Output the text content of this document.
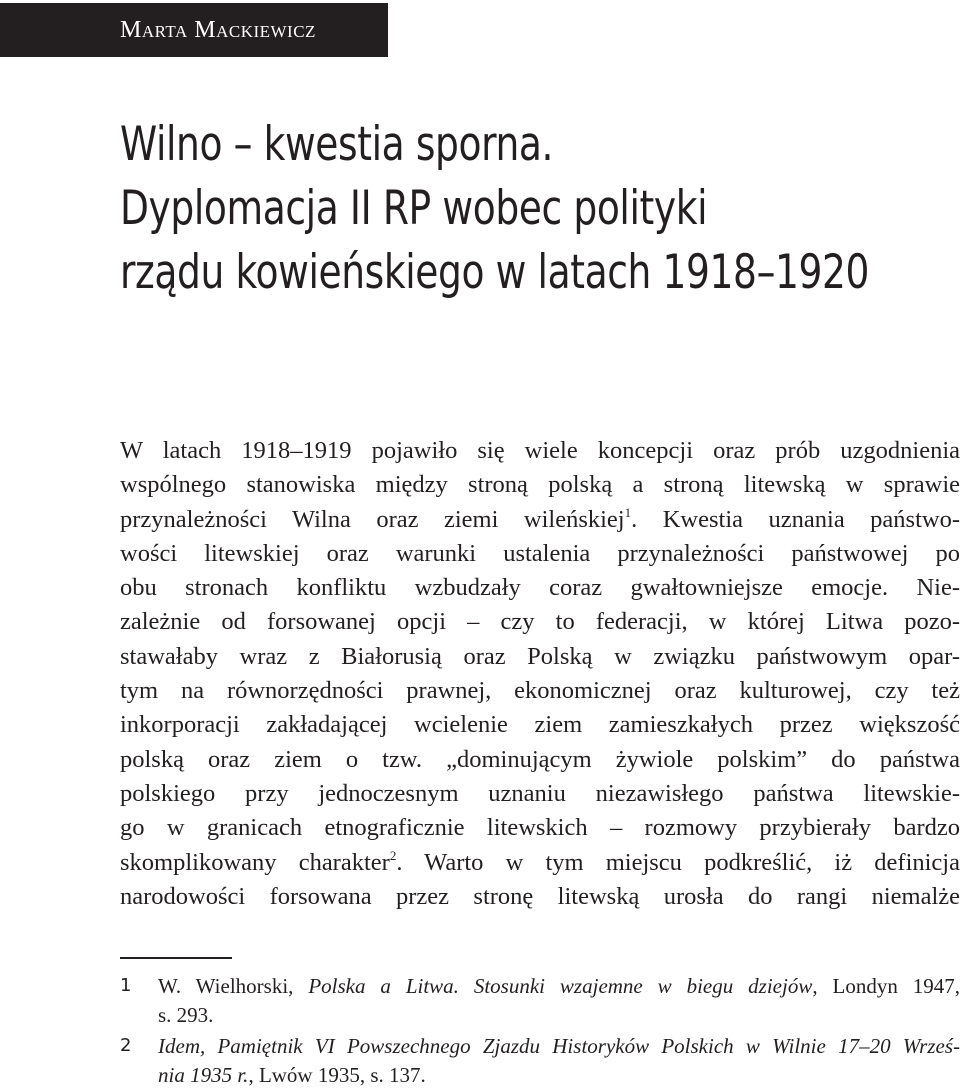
Marta Mackiewicz
Wilno – kwestia sporna.
Dyplomacja II RP wobec polityki
rządu kowieńskiego w latach 1918–1920
W latach 1918–1919 pojawiło się wiele koncepcji oraz prób uzgodnienia
wspólnego stanowiska między stroną polską a stroną litewską w sprawie
przynależności Wilna oraz ziemi wileńskiej$^1$. Kwestia uznania państwo-
wości litewskiej oraz warunki ustalenia przynależności państwowej po
obu stronach konfliktu wzbudzały coraz gwałtowniejsze emocje. Nie-
zależnie od forsowanej opcji – czy to federacji, w której Litwa pozo-
stawałaby wraz z Białorusią oraz Polską w związku państwowym opar-
tym na równorzędności prawnej, ekonomicznej oraz kulturowej, czy też
inkorporacji zakładającej wcielenie ziem zamieszkałych przez większość
polską oraz ziem o tzw. „dominującym żywiole polskim” do państwa
polskiego przy jednoczesnym uznaniu niezawisłego państwa litewskie-
go w granicach etnograficznie litewskich – rozmowy przybierały bardzo
skomplikowany charakter$^2$. Warto w tym miejscu podkreślić, iż definicja
narodowości forsowana przez stronę litewską urosła do rangi niemalże
1 W. Wielhorski, Polska a Litwa. Stosunki wzajemne w biegu dziejów, Londyn 1947,
s. 293.
2 Idem, Pamiętnik VI Powszechnego Zjazdu Historyków Polskich w Wilnie 17–20 Wrześ-
nia 1935 r., Lwów 1935, s. 137.
